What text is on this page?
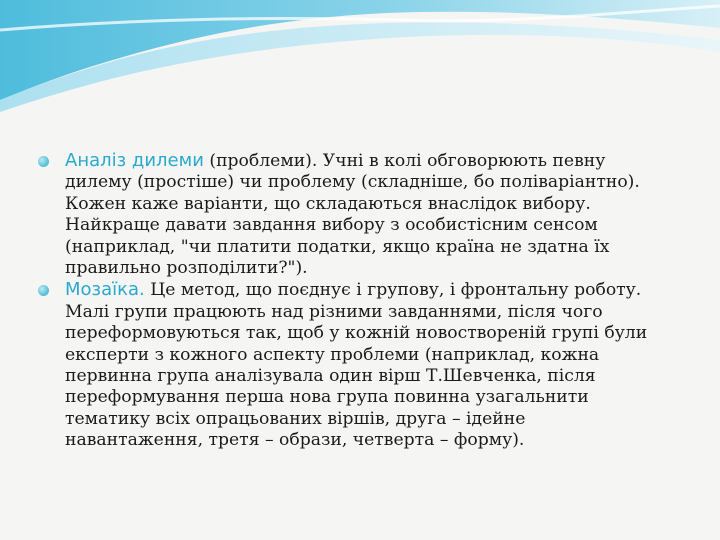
Аналіз дилеми (проблеми). Учні в колі обговорюють певну дилему (простіше) чи проблему (складніше, бо поліваріантно). Кожен каже варіанти, що складаються внаслідок вибору. Найкраще давати завдання вибору з особистісним сенсом (наприклад, "чи платити податки, якщо країна не здатна їх правильно розподілити?").
Мозаїка. Це метод, що поєднує і групову, і фронтальну роботу. Малі групи працюють над різними завданнями, після чого переформовуються так, щоб у кожній новоствореній групі були експерти з кожного аспекту проблеми (наприклад, кожна первинна група аналізувала один вірш Т.Шевченка, після переформування перша нова група повинна узагальнити тематику всіх опрацьованих віршів, друга – ідейне навантаження, третя – образи, четверта – форму).
